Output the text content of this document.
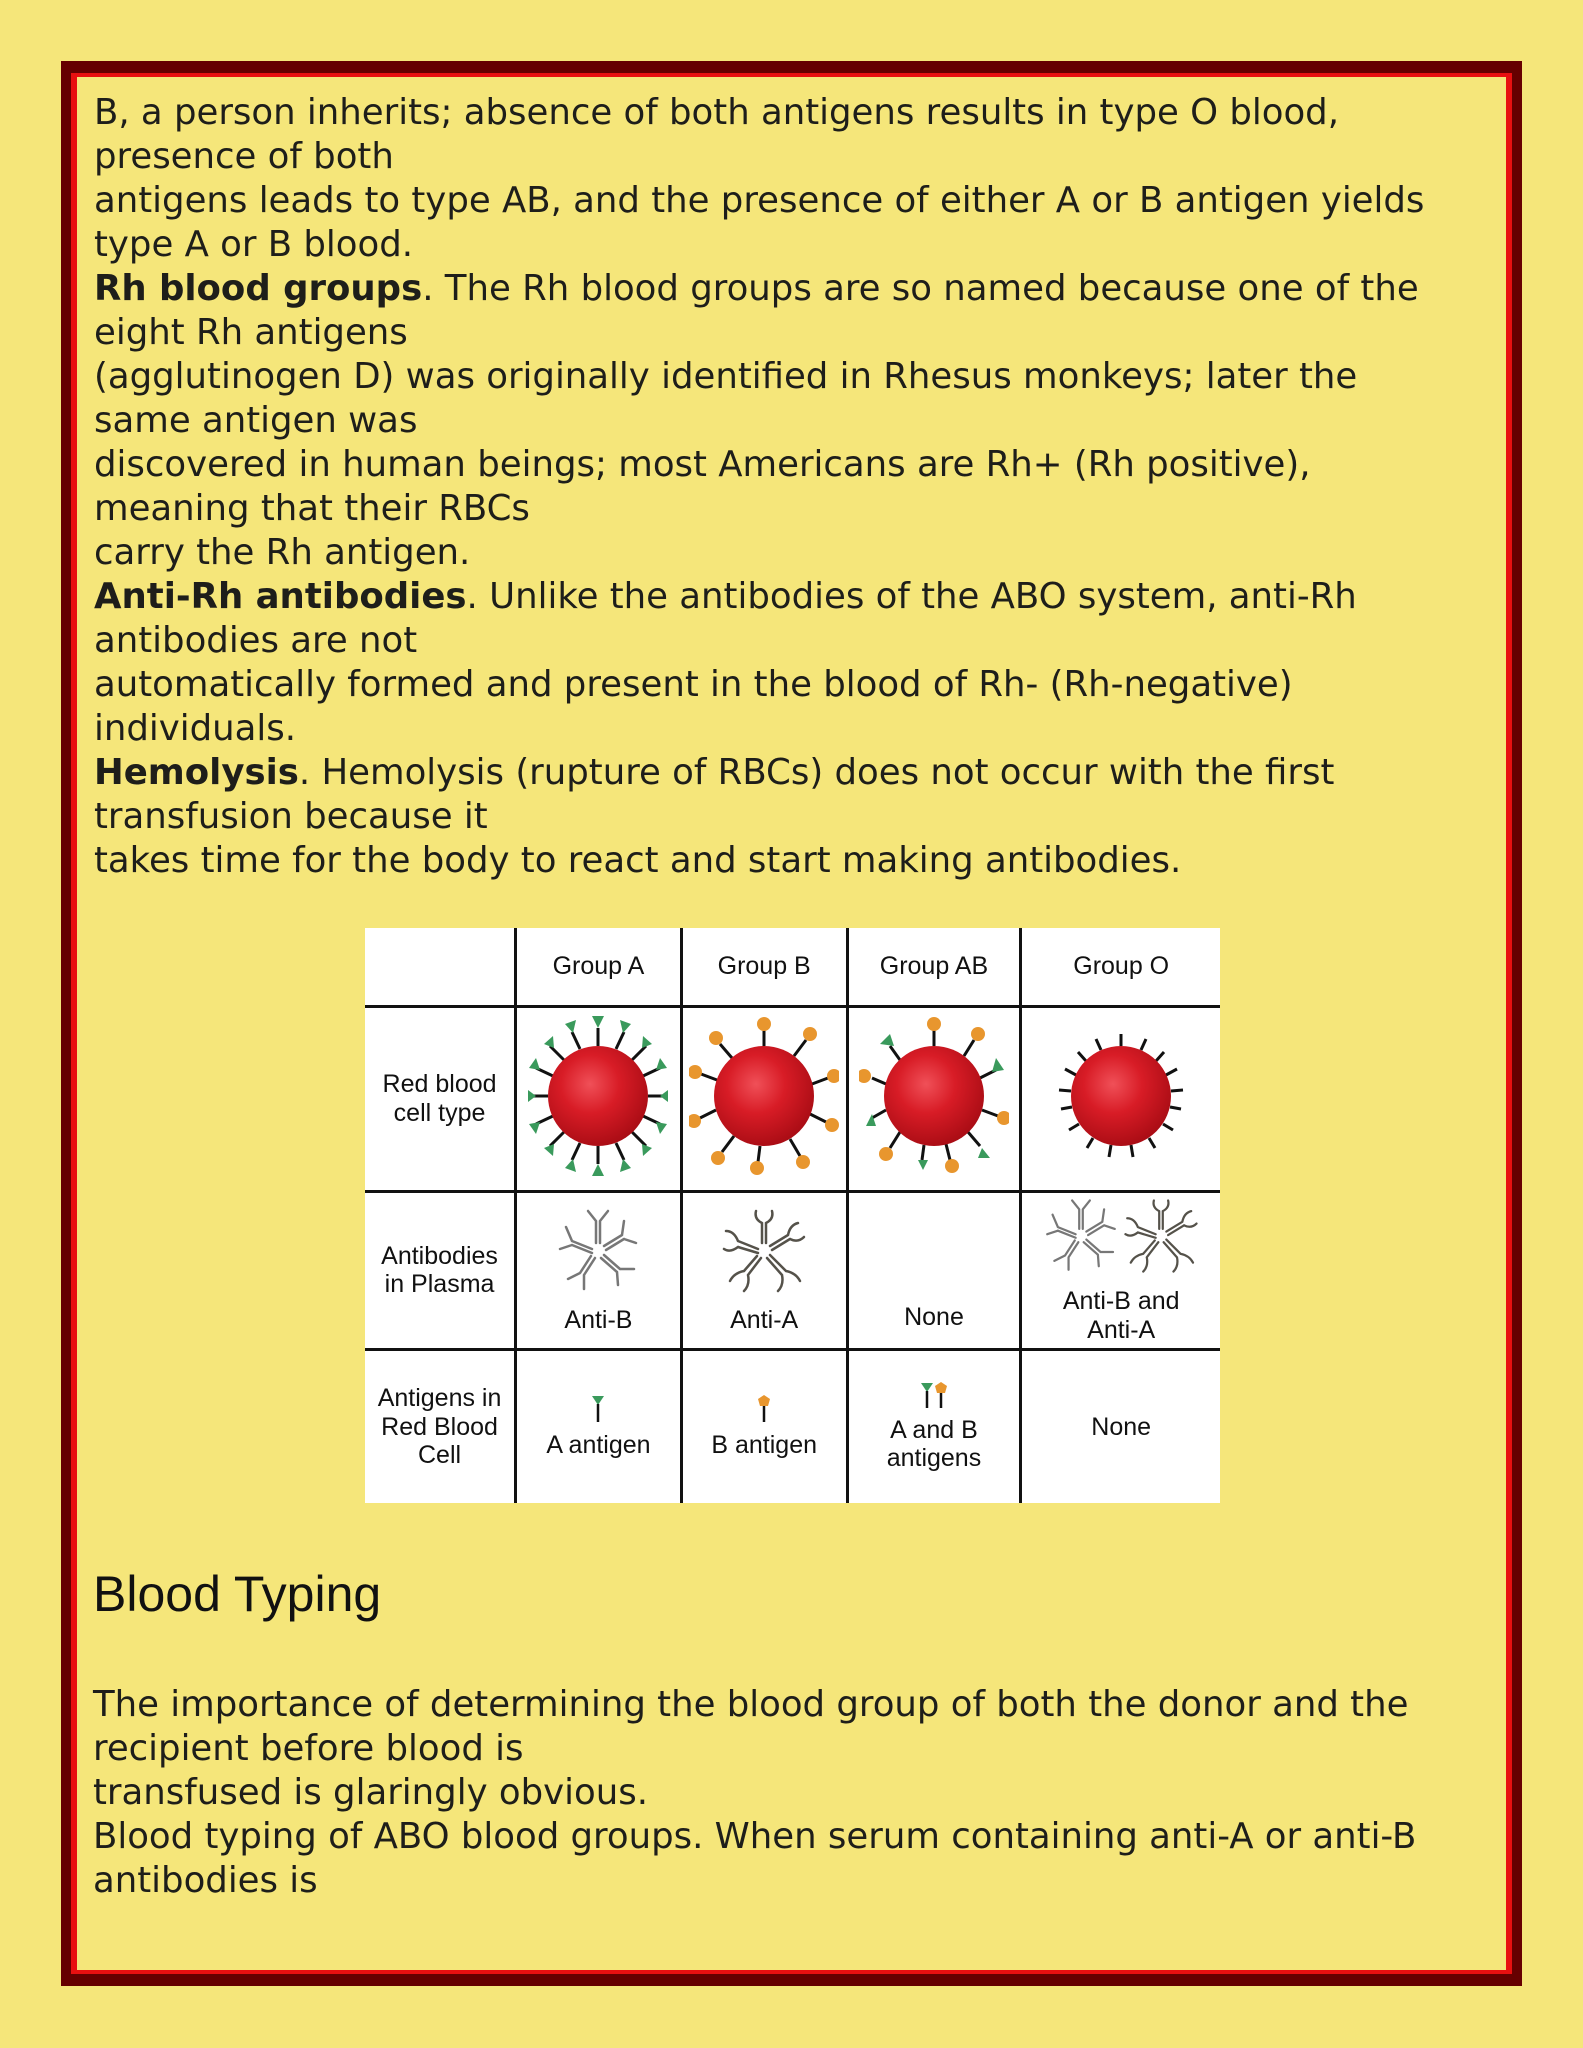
B, a person inherits; absence of both antigens results in type O blood,
presence of both
antigens leads to type AB, and the presence of either A or B antigen yields
type A or B blood.

Rh blood groups. The Rh blood groups are so named because one of the
eight Rh antigens
(agglutinogen D) was originally identified in Rhesus monkeys; later the
same antigen was
discovered in human beings; most Americans are Rh+ (Rh positive),
meaning that their RBCs
carry the Rh antigen.

Anti-Rh antibodies. Unlike the antibodies of the ABO system, anti-Rh
antibodies are not
automatically formed and present in the blood of Rh- (Rh-negative)
individuals.

Hemolysis. Hemolysis (rupture of RBCs) does not occur with the first
transfusion because it
takes time for the body to react and start making antibodies.

	Group A	Group B	Group AB	Group O
Red blood
cell type				
Antibodies
in Plasma	Anti-B	Anti-A	None	Anti-B and
Anti-A

Antigens in
Red Blood
Cell	A antigen	B antigen	A and B
antigens	None
Blood Typing

The importance of determining the blood group of both the donor and the
recipient before blood is
transfused is glaringly obvious.
Blood typing of ABO blood groups. When serum containing anti-A or anti-B
antibodies is
